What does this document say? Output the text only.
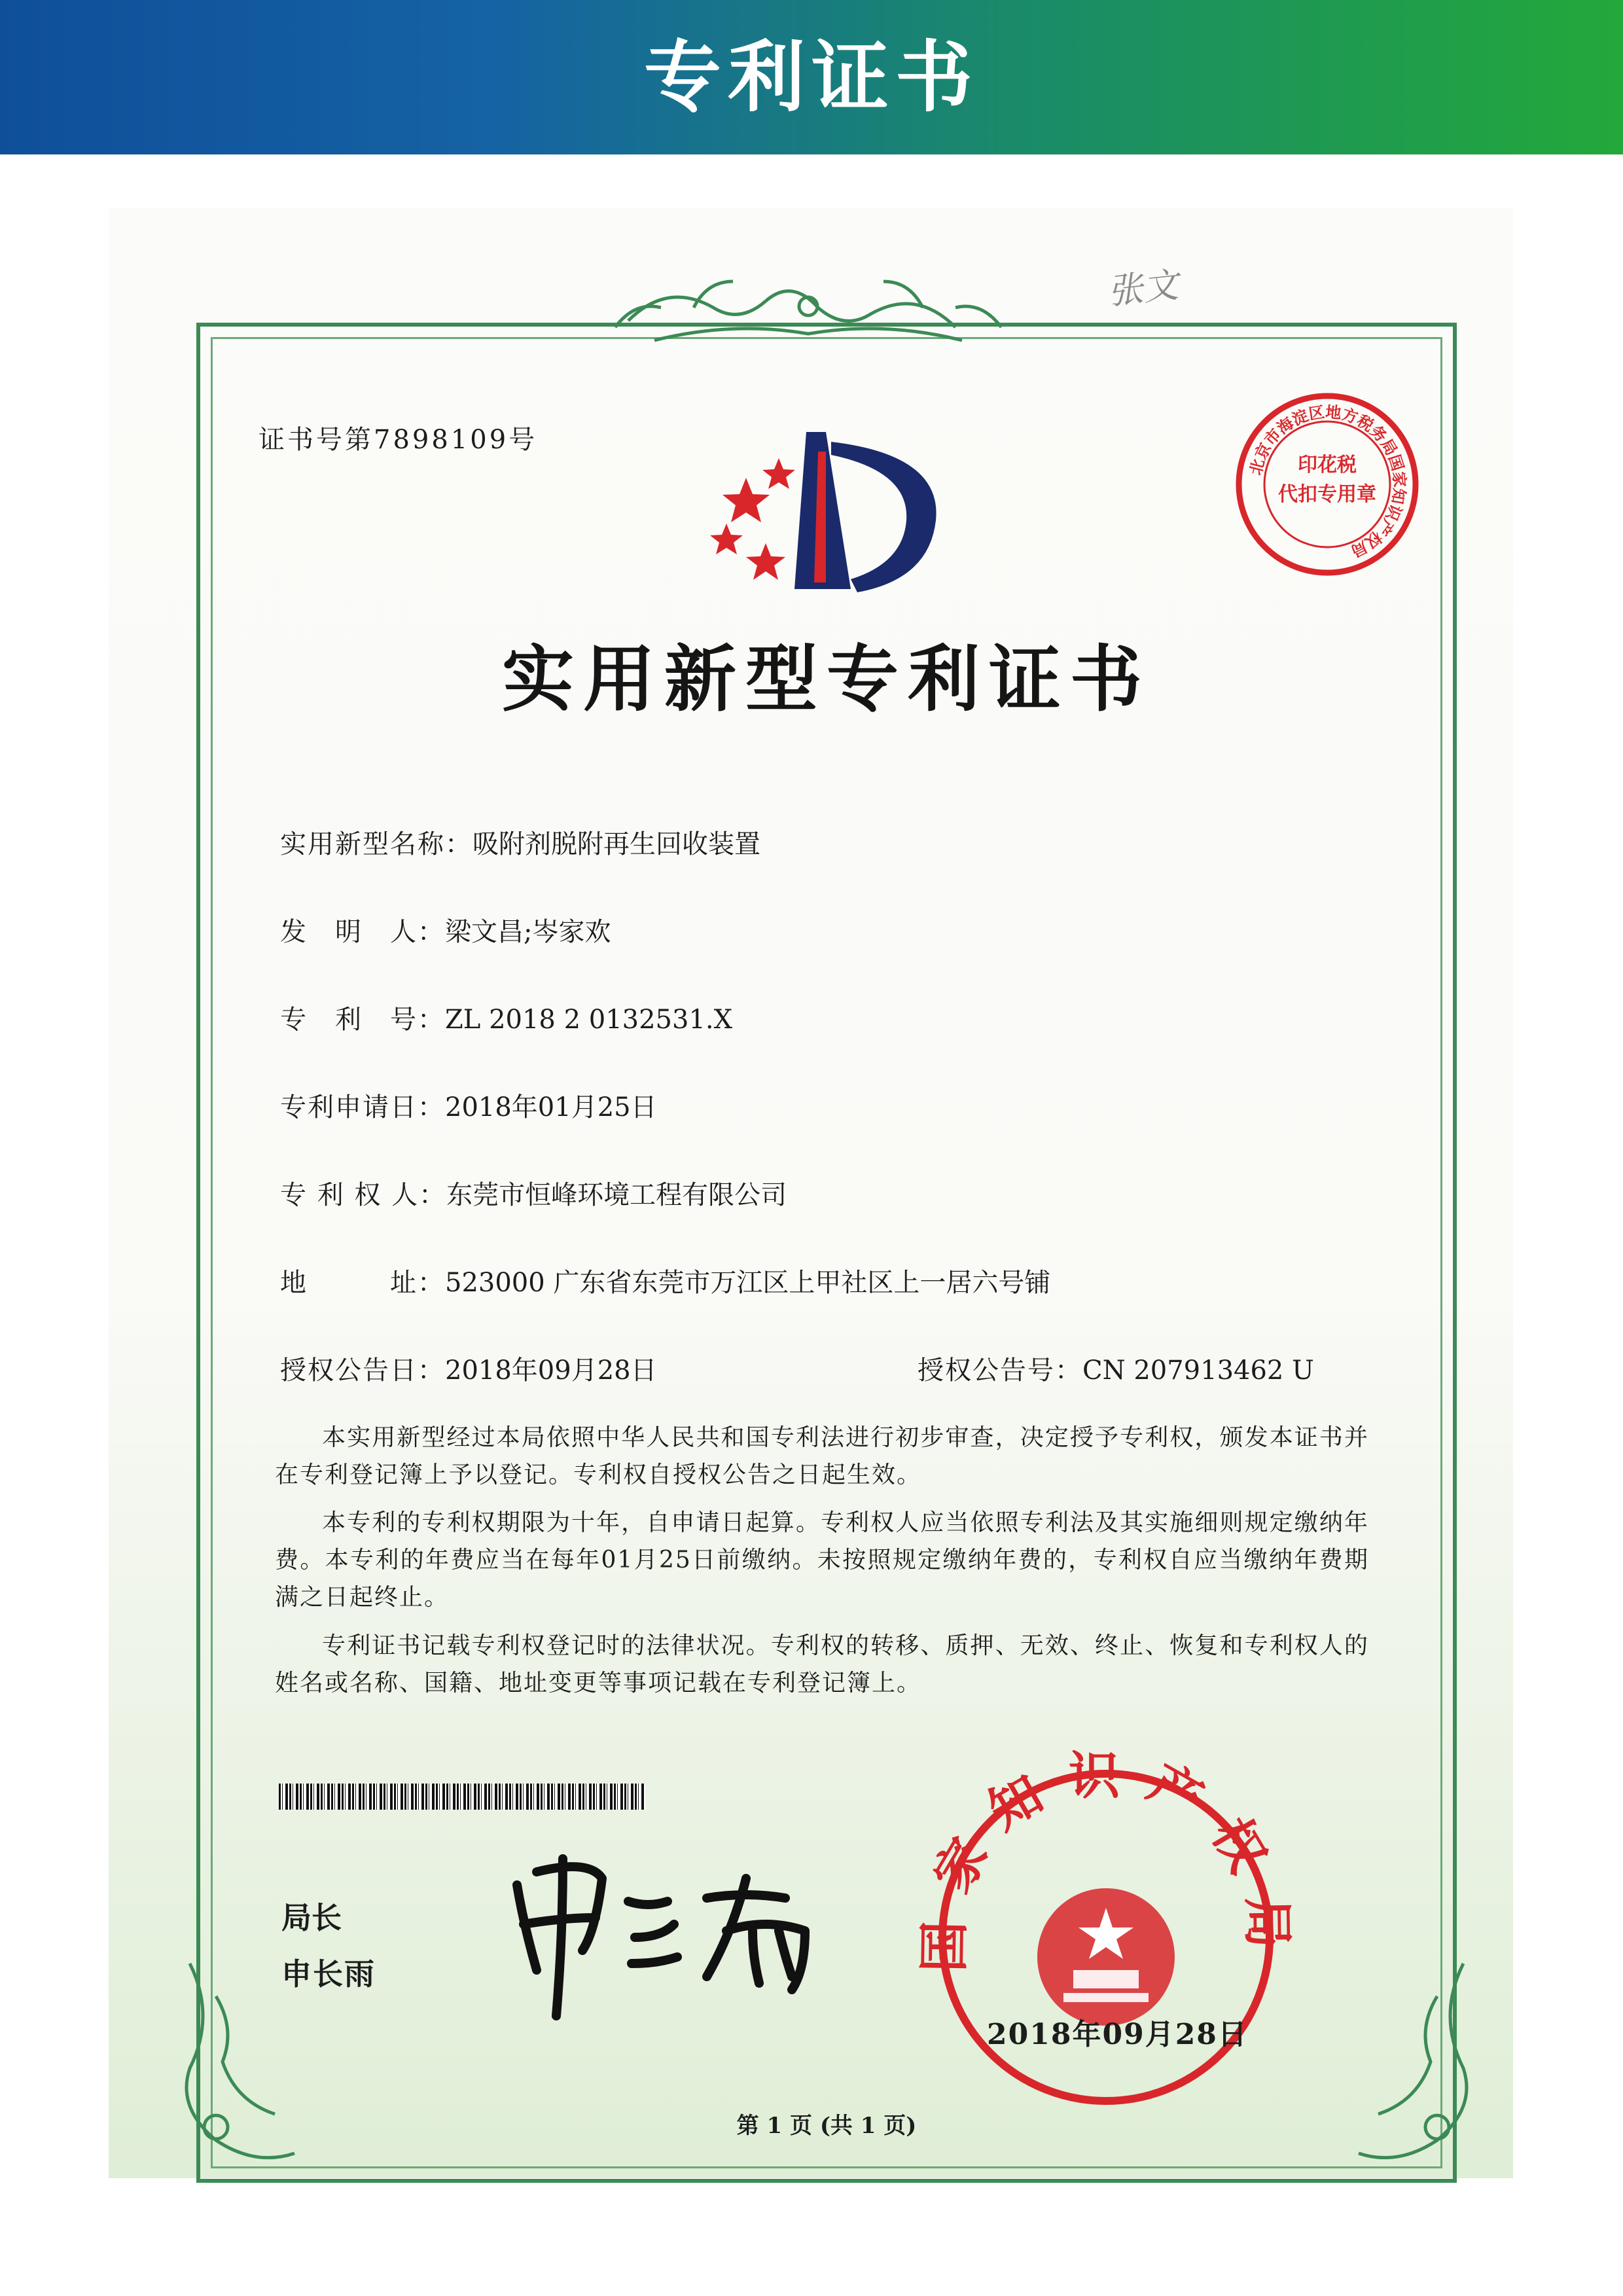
专利证书
北京市海淀区地方税务局国家知识产权局
印花税
代扣专用章
国家知识产权局
张文
证书号第7898109号
实用新型专利证书
实用新型名称：吸附剂脱附再生回收装置
发　明　人：梁文昌;岑家欢
专　利　号：ZL 2018 2 0132531.X
专利申请日：2018年01月25日
专 利 权 人：东莞市恒峰环境工程有限公司
地　　　址：523000 广东省东莞市万江区上甲社区上一居六号铺
授权公告日：2018年09月28日	授权公告号：CN 207913462 U

本实用新型经过本局依照中华人民共和国专利法进行初步审查，决定授予专利权，颁发本证书并在专利登记簿上予以登记。专利权自授权公告之日起生效。

本专利的专利权期限为十年，自申请日起算。专利权人应当依照专利法及其实施细则规定缴纳年费。本专利的年费应当在每年01月25日前缴纳。未按照规定缴纳年费的，专利权自应当缴纳年费期满之日起终止。

专利证书记载专利权登记时的法律状况。专利权的转移、质押、无效、终止、恢复和专利权人的姓名或名称、国籍、地址变更等事项记载在专利登记簿上。

局长
申长雨
2018年09月28日
第 1 页 (共 1 页)
